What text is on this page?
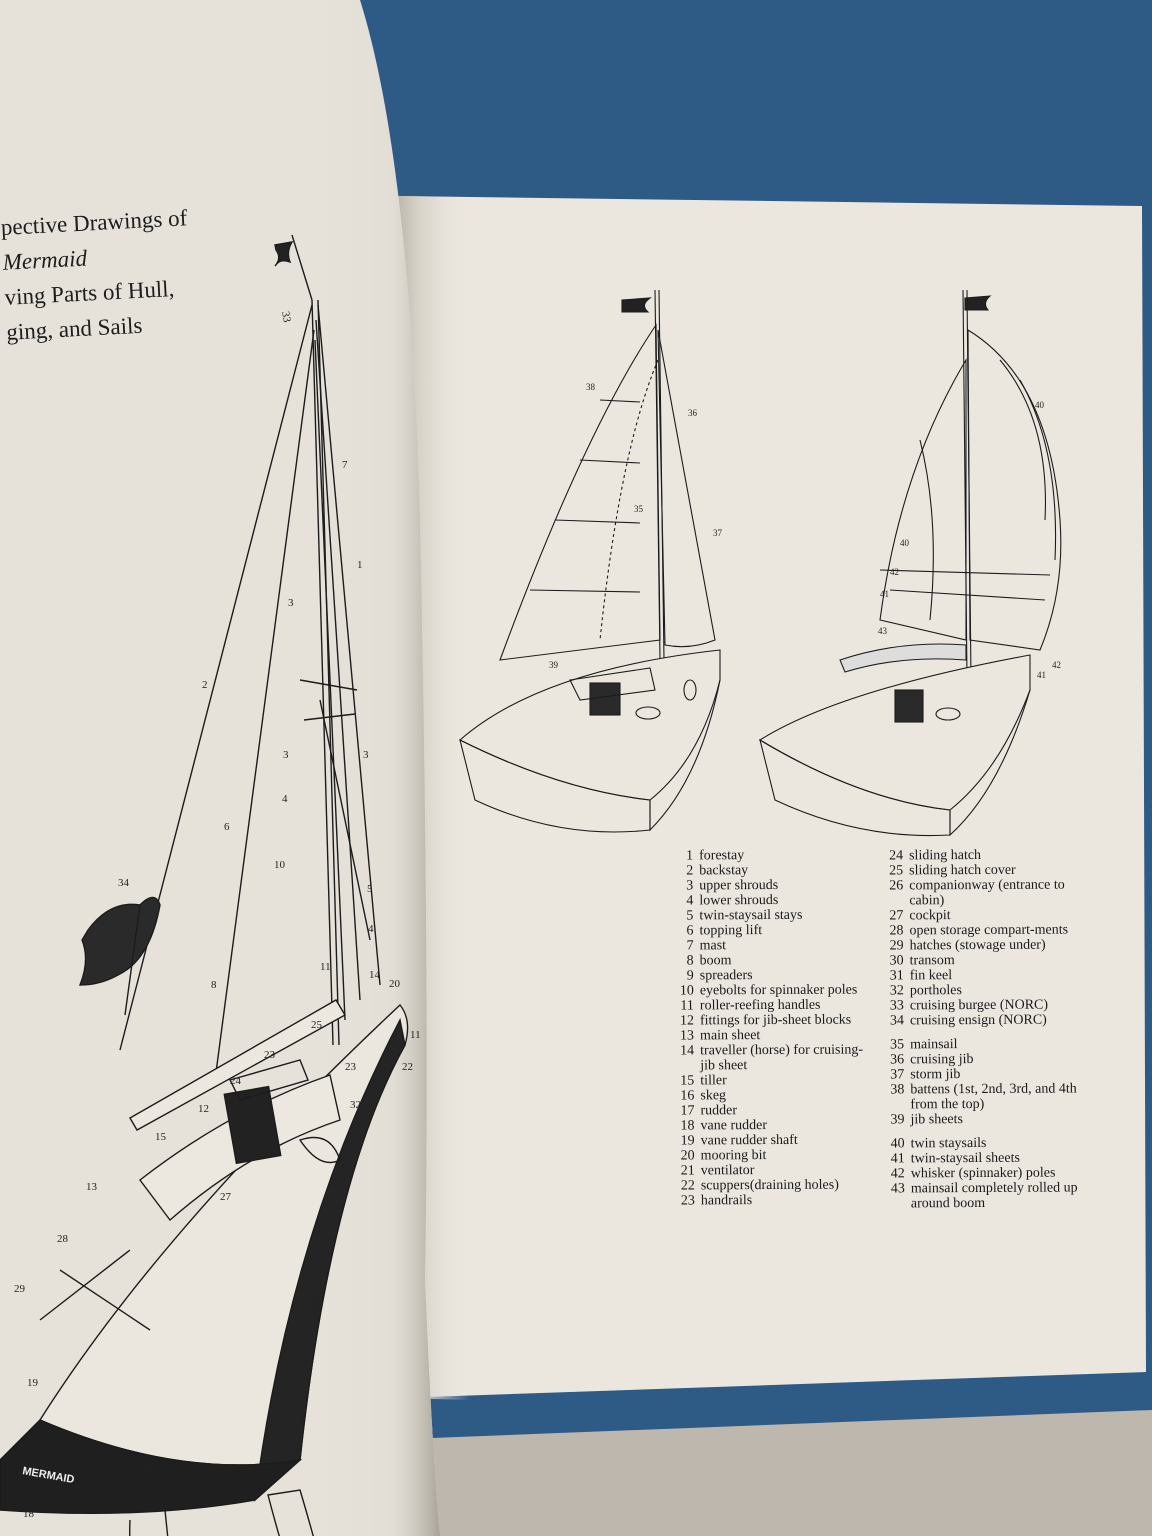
MERMAID
33
7
1
3
2
3	3
4
6
10
5
4
34
11
14
20
8
25
11
22
23
23
24
12	32
15
26
27
13
28
29
19
31
16
18	17
38
36
35
37
39
40
40
42
41
43
42
41
pective Drawings of
Mermaid
ving Parts of Hull,
ging, and Sails
1 forestay
2 backstay
3 upper shrouds
4 lower shrouds
5 twin-staysail stays
6 topping lift
7 mast
8 boom
9 spreaders
10 eyebolts for spinnaker poles
11 roller-reefing handles
12 fittings for jib-sheet blocks
13 main sheet
14 traveller (horse) for cruising-jib sheet
15 tiller
16 skeg
17 rudder
18 vane rudder
19 vane rudder shaft
20 mooring bit
21 ventilator
22 scuppers(draining holes)
23 handrails
24 sliding hatch
25 sliding hatch cover
26 companionway (entrance to cabin)
27 cockpit
28 open storage compart-ments
29 hatches (stowage under)
30 transom
31 fin keel
32 portholes
33 cruising burgee (NORC)
34 cruising ensign (NORC)
35 mainsail
36 cruising jib
37 storm jib
38 battens (1st, 2nd, 3rd, and 4th from the top)
39 jib sheets
40 twin staysails
41 twin-staysail sheets
42 whisker (spinnaker) poles
43 mainsail completely rolled up around boom
